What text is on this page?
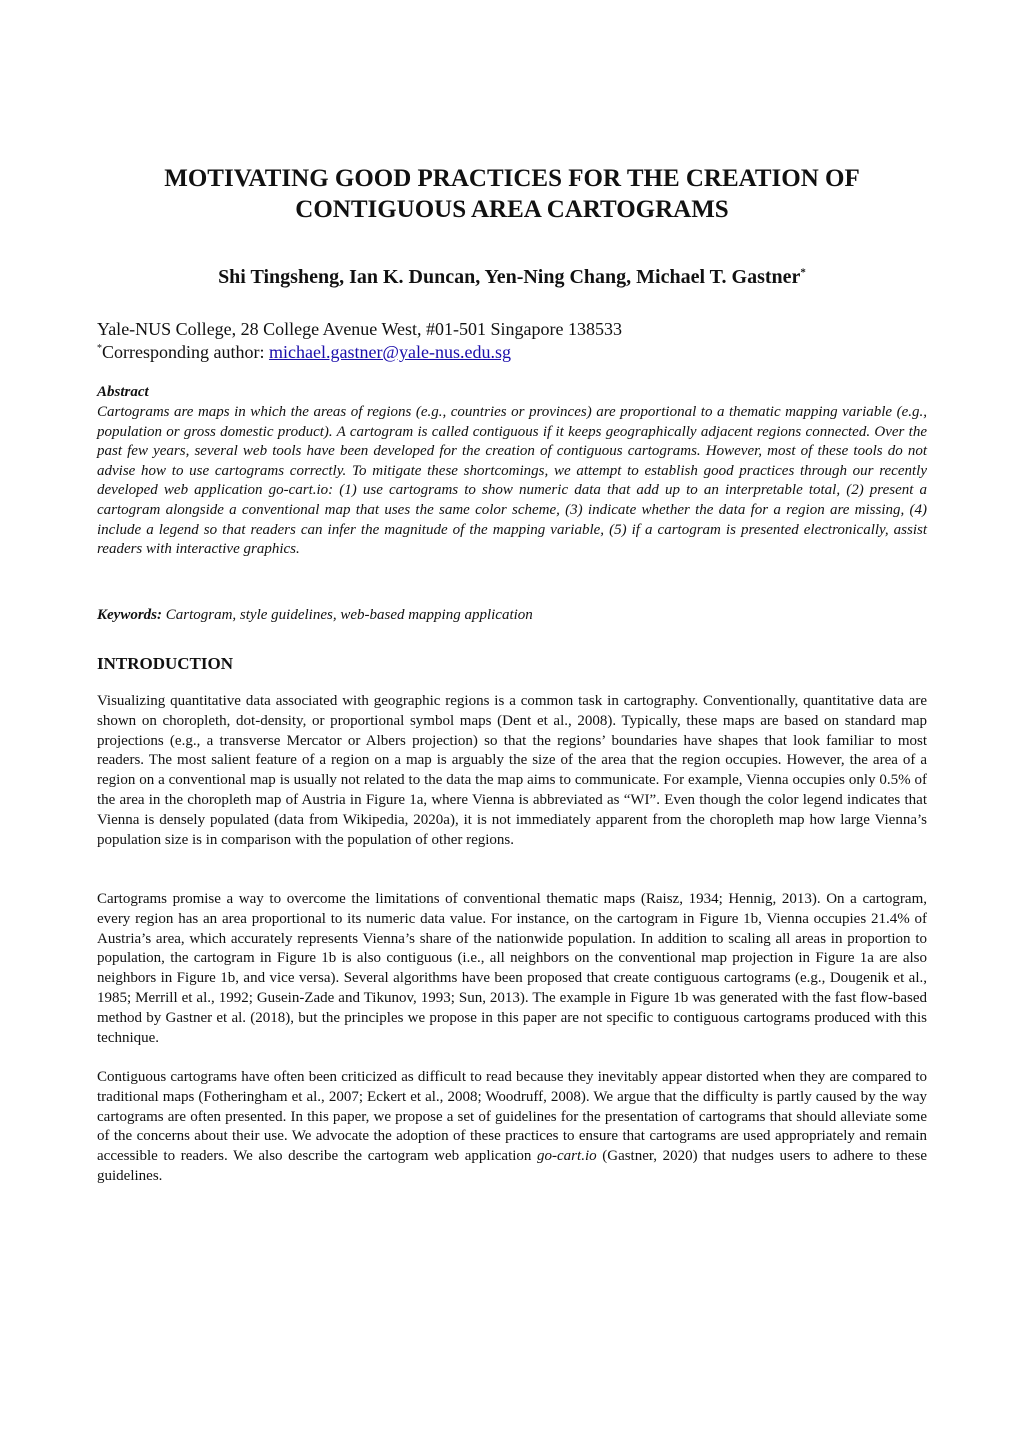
MOTIVATING GOOD PRACTICES FOR THE CREATION OF
CONTIGUOUS AREA CARTOGRAMS

Shi Tingsheng, Ian K. Duncan, Yen-Ning Chang, Michael T. Gastner*

Yale-NUS College, 28 College Avenue West, #01-501 Singapore 138533
*Corresponding author: michael.gastner@yale-nus.edu.sg

Abstract

Cartograms are maps in which the areas of regions (e.g., countries or provinces) are proportional to a thematic mapping variable (e.g., population or gross domestic product). A cartogram is called contiguous if it keeps geographically adjacent regions connected. Over the past few years, several web tools have been developed for the creation of contiguous cartograms. However, most of these tools do not advise how to use cartograms correctly. To mitigate these shortcomings, we attempt to establish good practices through our recently developed web application go-cart.io: (1) use cartograms to show numeric data that add up to an interpretable total, (2) present a cartogram alongside a conventional map that uses the same color scheme, (3) indicate whether the data for a region are missing, (4) include a legend so that readers can infer the magnitude of the mapping variable, (5) if a cartogram is presented electronically, assist readers with interactive graphics.

Keywords: Cartogram, style guidelines, web-based mapping application

INTRODUCTION

Visualizing quantitative data associated with geographic regions is a common task in cartography. Conventionally, quantitative data are shown on choropleth, dot-density, or proportional symbol maps (Dent et al., 2008). Typically, these maps are based on standard map projections (e.g., a transverse Mercator or Albers projection) so that the regions’ boundaries have shapes that look familiar to most readers. The most salient feature of a region on a map is arguably the size of the area that the region occupies. However, the area of a region on a conventional map is usually not related to the data the map aims to communicate. For example, Vienna occupies only 0.5% of the area in the choropleth map of Austria in Figure 1a, where Vienna is abbreviated as “WI”. Even though the color legend indicates that Vienna is densely populated (data from Wikipedia, 2020a), it is not immediately apparent from the choropleth map how large Vienna’s population size is in comparison with the population of other regions.

Cartograms promise a way to overcome the limitations of conventional thematic maps (Raisz, 1934; Hennig, 2013). On a cartogram, every region has an area proportional to its numeric data value. For instance, on the cartogram in Figure 1b, Vienna occupies 21.4% of Austria’s area, which accurately represents Vienna’s share of the nationwide population. In addition to scaling all areas in proportion to population, the cartogram in Figure 1b is also contiguous (i.e., all neighbors on the conventional map projection in Figure 1a are also neighbors in Figure 1b, and vice versa). Several algorithms have been proposed that create contiguous cartograms (e.g., Dougenik et al., 1985; Merrill et al., 1992; Gusein-Zade and Tikunov, 1993; Sun, 2013). The example in Figure 1b was generated with the fast flow-based method by Gastner et al. (2018), but the principles we propose in this paper are not specific to contiguous cartograms produced with this technique.

Contiguous cartograms have often been criticized as difficult to read because they inevitably appear distorted when they are compared to traditional maps (Fotheringham et al., 2007; Eckert et al., 2008; Woodruff, 2008). We argue that the difficulty is partly caused by the way cartograms are often presented. In this paper, we propose a set of guidelines for the presentation of cartograms that should alleviate some of the concerns about their use. We advocate the adoption of these practices to ensure that cartograms are used appropriately and remain accessible to readers. We also describe the cartogram web application go-cart.io (Gastner, 2020) that nudges users to adhere to these guidelines.
